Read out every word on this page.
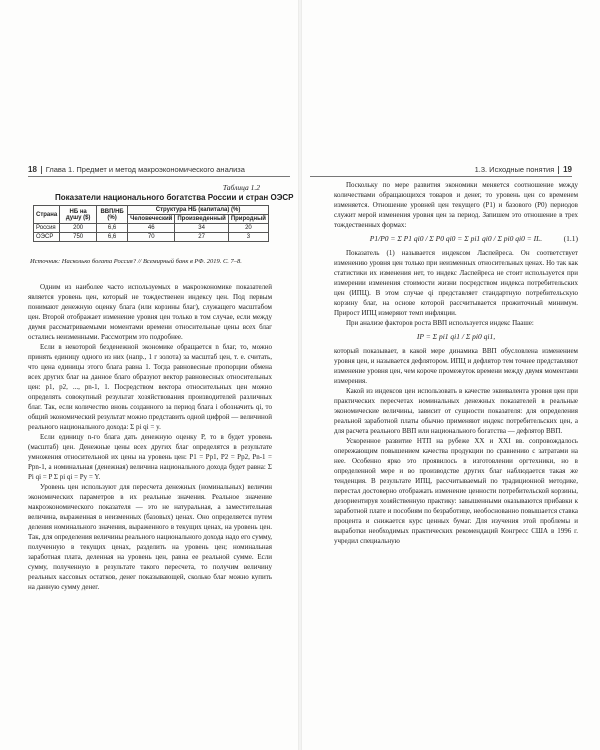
18 Глава 1. Предмет и метод макроэкономического анализа
Таблица 1.2
Показатели национального богатства России и стран ОЭСР
Страна	НБ на душу ($)	ВВП/НБ (%)	Структура НБ (капитала) (%)		
			Человеческий	Произведенный	Природный
Россия	200	6,6	46	34	20
ОЭСР	750	6,6	70	27	3
Источник: Насколько богата Россия? // Всемирный банк в РФ. 2019. С. 7–8.

Одним из наиболее часто используемых в макроэкономике показателей является уровень цен, который не тождественен индексу цен. Под первым понимают денежную оценку блага (или корзины благ), служащего масштабом цен. Второй отображает изменение уровня цен только в том случае, если между двумя рассматриваемыми моментами времени относительные цены всех благ остались неизменными. Рассмотрим это подробнее.

Если в некоторой безденежной экономике обращается n благ, то, можно принять единицу одного из них (напр., 1 г золота) за масштаб цен, т. е. считать, что цена единицы этого блага равна 1. Тогда равновесные пропорции обмена всех других благ на данное благо образуют вектор равновесных относительных цен: p1, p2, ..., pn-1, 1. Посредством вектора относительных цен можно определять совокупный результат хозяйствования производителей различных благ. Так, если количество вновь созданного за период блага i обозначить qi, то общий экономический результат можно представить одной цифрой — величиной реального национального дохода: Σ pi qi = y.

Если единицу n-го блага дать денежную оценку P, то в будет уровень (масштаб) цен. Денежные цены всех других благ определятся в результате умножения относительной их цены на уровень цен: P1 = Pp1, P2 = Pp2, Pn-1 = Ppn-1, а номинальная (денежная) величина национального дохода будет равна: Σ Pi qi = P Σ pi qi = Py = Y.

Уровень цен используют для пересчета денежных (номинальных) величин экономических параметров в их реальные значения. Реальное значение макроэкономического показателя — это не натуральная, а заместительная величина, выраженная в неизменных (базовых) ценах. Оно определяется путем деления номинального значения, выраженного в текущих ценах, на уровень цен. Так, для определения величины реального национального дохода надо его сумму, полученную в текущих ценах, разделить на уровень цен; номинальная заработная плата, деленная на уровень цен, равна ее реальной сумме. Если сумму, полученную в результате такого пересчета, то получим величину реальных кассовых остатков, денег показывающей, сколько благ можно купить на данную сумму денег.

1.3. Исходные понятия 19

Поскольку по мере развития экономики меняется соотношение между количествами обращающихся товаров и денег, то уровень цен со временем изменяется. Отношение уровней цен текущего (P1) и базового (P0) периодов служит мерой изменения уровня цен за период. Запишем это отношение в трех тождественных формах:

P1/P0 = Σ P1 qi0 / Σ P0 qi0 = Σ pi1 qi0 / Σ pi0 qi0 = IL.	(1.1)

Показатель (1) называется индексом Ласпейреса. Он соответствует изменению уровня цен только при неизменных относительных ценах. Но так как статистики их изменения нет, то индекс Ласпейреса не стоит используется при измерении изменения стоимости жизни посредством индекса потребительских цен (ИПЦ). В этом случае qi представляет стандартную потребительскую корзину благ, на основе которой рассчитывается прожиточный минимум. Прирост ИПЦ измеряют темп инфляции.

При анализе факторов роста ВВП используется индекс Пааше:

IP = Σ pi1 qi1 / Σ pi0 qi1,

который показывает, в какой мере динамика ВВП обусловлена изменением уровня цен, и называется дефлятором. ИПЦ и дефлятор тем точнее представляют изменение уровня цен, чем короче промежуток времени между двумя моментами измерения.

Какой из индексов цен использовать в качестве эквивалента уровня цен при практических пересчетах номинальных денежных показателей в реальные экономические величины, зависит от сущности показателя: для определения реальной заработной платы обычно применяют индекс потребительских цен, а для расчета реального ВВП или национального богатства — дефлятор ВВП.

Ускоренное развитие НТП на рубеже XX и XXI вв. сопровождалось опережающим повышением качества продукции по сравнению с затратами на нее. Особенно ярко это проявилось в изготовлении оргтехники, но в определенной мере и во производстве других благ наблюдается такая же тенденция. В результате ИПЦ, рассчитываемый по традиционной методике, перестал достоверно отображать изменение ценности потребительской корзины, дезориентируя хозяйственную практику: завышенными оказываются прибавки к заработной плате и пособиям по безработице, необоснованно повышается ставка процента и снижается курс ценных бумаг. Для изучения этой проблемы и выработки необходимых практических рекомендаций Конгресс США в 1996 г. учредил специальную
